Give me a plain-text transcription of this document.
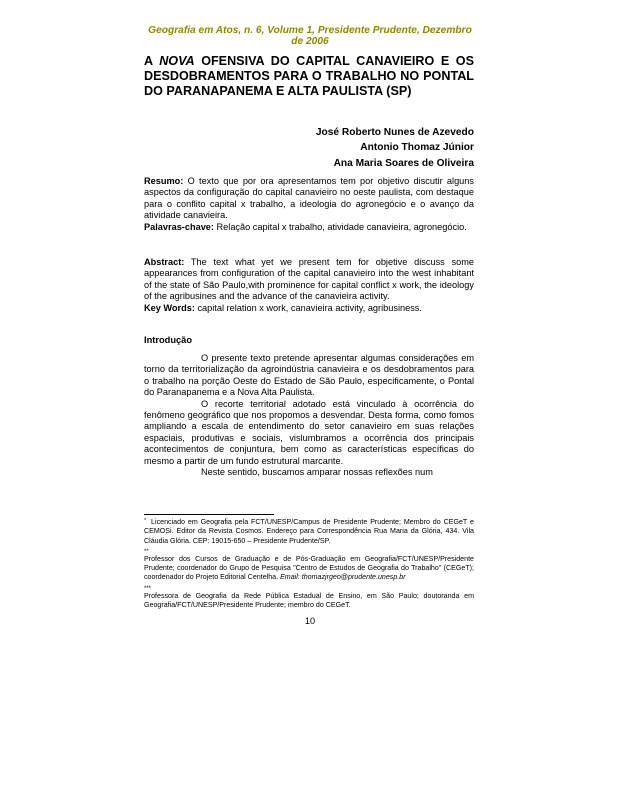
Geografia em Atos, n. 6, Volume 1, Presidente Prudente, Dezembro de 2006
A NOVA OFENSIVA DO CAPITAL CANAVIEIRO E OS DESDOBRAMENTOS PARA O TRABALHO NO PONTAL DO PARANAPANEMA E ALTA PAULISTA (SP)
José Roberto Nunes de Azevedo
Antonio Thomaz Júnior
Ana Maria Soares de Oliveira

Resumo: O texto que por ora apresentamos tem por objetivo discutir alguns aspectos da configuração do capital canavieiro no oeste paulista, com destaque para o conflito capital x trabalho, a ideologia do agronegócio e o avanço da atividade canavieira.

Palavras-chave: Relação capital x trabalho, atividade canavieira, agronegócio.

Abstract: The text what yet we present tem for objetive discuss some appearances from configuration of the capital canavieiro into the west inhabitant of the state of São Paulo,with prominence for capital conflict x work, the ideology of the agribusines and the advance of the canavieira activity.

Key Words: capital relation x work, canavieira activity, agribusiness.

Introdução

O presente texto pretende apresentar algumas considerações em torno da territorialização da agroindústria canavieira e os desdobramentos para o trabalho na porção Oeste do Estado de São Paulo, especificamente, o Pontal do Paranapanema e a Nova Alta Paulista.

O recorte territorial adotado está vinculado à ocorrência do fenômeno geográfico que nos propomos a desvendar. Desta forma, como fomos ampliando a escala de entendimento do setor canavieiro em suas relações espaciais, produtivas e sociais, vislumbramos a ocorrência dos principais acontecimentos de conjuntura, bem como as características específicas do mesmo a partir de um fundo estrutural marcante.

Neste sentido, buscamos amparar nossas reflexões num

* Licenciado em Geografia pela FCT/UNESP/Campus de Presidente Prudente; Membro do CEGeT e CEMOSi. Editor da Revista Cosmos. Endereço para Correspondência Rua Maria da Glória, 434. Vila Cláudia Glória. CEP: 19015-650 – Presidente Prudente/SP.

**
Professor dos Cursos de Graduação e de Pós-Graduação em Geografia/FCT/UNESP/Presidente Prudente; coordenador do Grupo de Pesquisa "Centro de Estudos de Geografia do Trabalho" (CEGeT); coordenador do Projeto Editorial Centelha. Email: thomazjrgeo@prudente.unesp.br

***
Professora de Geografia da Rede Pública Estadual de Ensino, em São Paulo; doutoranda em Geografia/FCT/UNESP/Presidente Prudente; membro do CEGeT.

10
